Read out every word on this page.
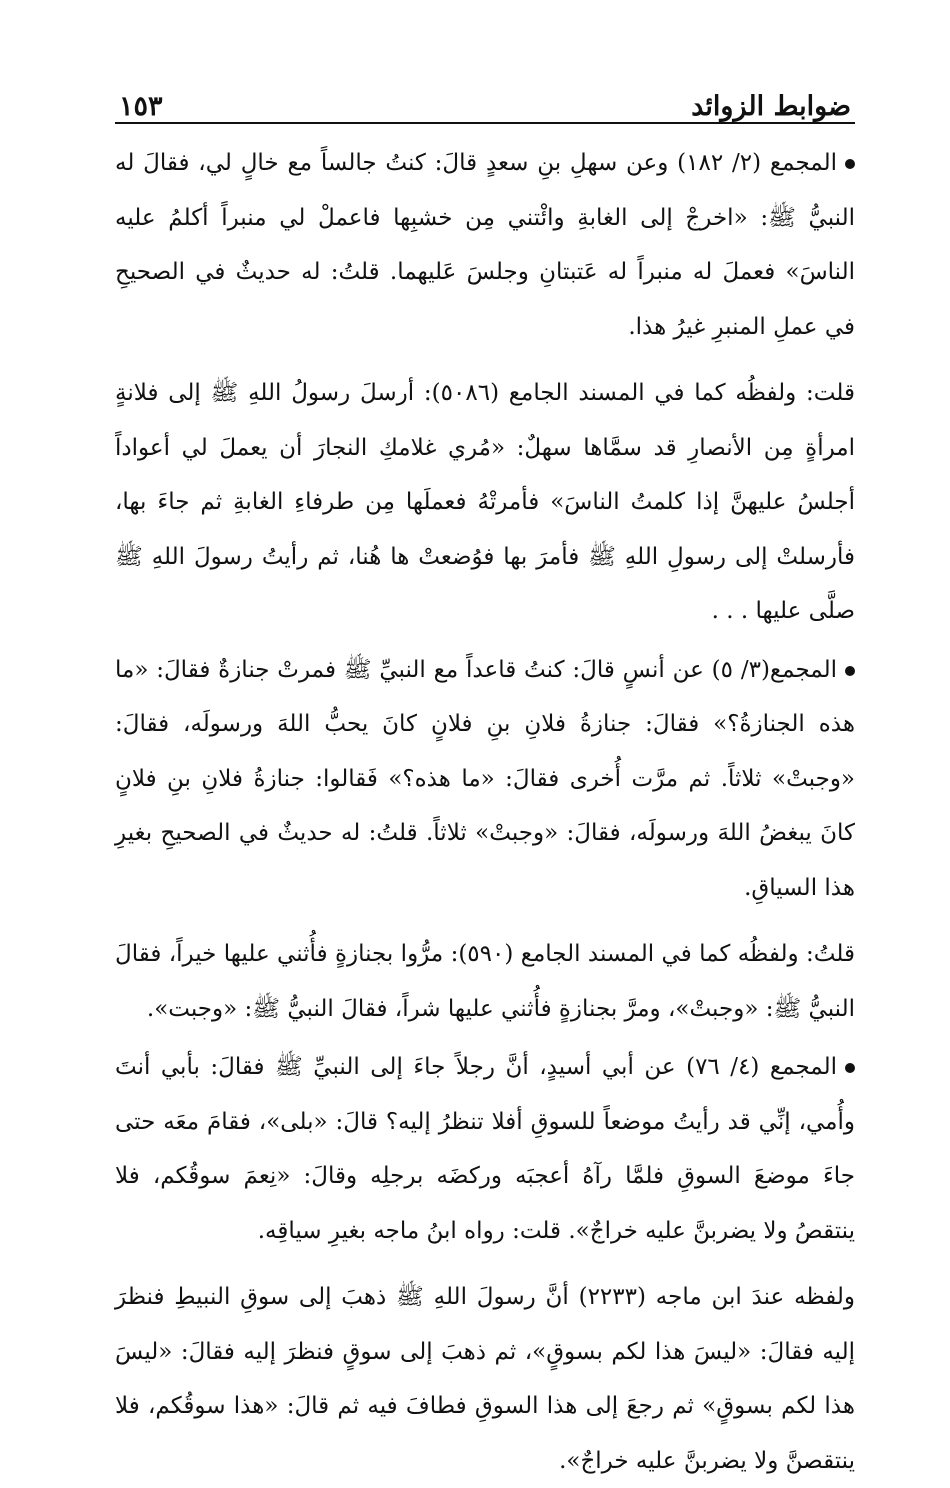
ضوابط الزوائد
١٥٣

المجمع (٢/ ١٨٢) وعن سهلِ بنِ سعدٍ قالَ: كنتُ جالساً مع خالٍ لي، فقالَ له النبيُّ ﷺ: «اخرجْ إلى الغابةِ وائْتني مِن خشبِها فاعملْ لي منبراً أكلمُ عليه الناسَ» فعملَ له منبراً له عَتبتانِ وجلسَ عَليهما. قلتُ: له حديثٌ في الصحيحِ في عملِ المنبرِ غيرُ هذا.

قلت: ولفظُه كما في المسند الجامع (٥٠٨٦): أرسلَ رسولُ اللهِ ﷺ إلى فلانةٍ امرأةٍ مِن الأنصارِ قد سمَّاها سهلٌ: «مُري غلامكِ النجارَ أن يعملَ لي أعواداً أجلسُ عليهنَّ إذا كلمتُ الناسَ» فأمرتْهُ فعملَها مِن طرفاءِ الغابةِ ثم جاءَ بها، فأرسلتْ إلى رسولِ اللهِ ﷺ فأمرَ بها فوُضعتْ ها هُنا، ثم رأيتُ رسولَ اللهِ ﷺ صلَّى عليها . . .

المجمع(٣/ ٥) عن أنسٍ قالَ: كنتُ قاعداً مع النبيِّ ﷺ فمرتْ جنازةٌ فقالَ: «ما هذه الجنازةُ؟» فقالَ: جنازةُ فلانِ بنِ فلانٍ كانَ يحبُّ اللهَ ورسولَه، فقالَ: «وجبتْ» ثلاثاً. ثم مرَّت أُخرى فقالَ: «ما هذه؟» فَقالوا: جنازةُ فلانِ بنِ فلانٍ كانَ يبغضُ اللهَ ورسولَه، فقالَ: «وجبتْ» ثلاثاً. قلتُ: له حديثٌ في الصحيحِ بغيرِ هذا السياقِ.

قلتُ: ولفظُه كما في المسند الجامع (٥٩٠): مرُّوا بجنازةٍ فأُثني عليها خيراً، فقالَ النبيُّ ﷺ: «وجبتْ»، ومرَّ بجنازةٍ فأُثني عليها شراً، فقالَ النبيُّ ﷺ: «وجبت».

المجمع (٤/ ٧٦) عن أبي أسيدٍ، أنَّ رجلاً جاءَ إلى النبيِّ ﷺ فقالَ: بأبي أنتَ وأُمي، إنِّي قد رأيتُ موضعاً للسوقِ أفلا تنظرُ إليه؟ قالَ: «بلى»، فقامَ معَه حتى جاءَ موضعَ السوقِ فلمَّا رآهُ أعجبَه وركضَه برجلِه وقالَ: «نِعمَ سوقُكم، فلا ينتقصُ ولا يضربنَّ عليه خراجٌ». قلت: رواه ابنُ ماجه بغيرِ سياقِه.

ولفظه عندَ ابن ماجه (٢٢٣٣) أنَّ رسولَ اللهِ ﷺ ذهبَ إلى سوقِ النبيطِ فنظرَ إليه فقالَ: «ليسَ هذا لكم بسوقٍ»، ثم ذهبَ إلى سوقٍ فنظرَ إليه فقالَ: «ليسَ هذا لكم بسوقٍ» ثم رجعَ إلى هذا السوقِ فطافَ فيه ثم قالَ: «هذا سوقُكم، فلا ينتقصنَّ ولا يضربنَّ عليه خراجٌ».
